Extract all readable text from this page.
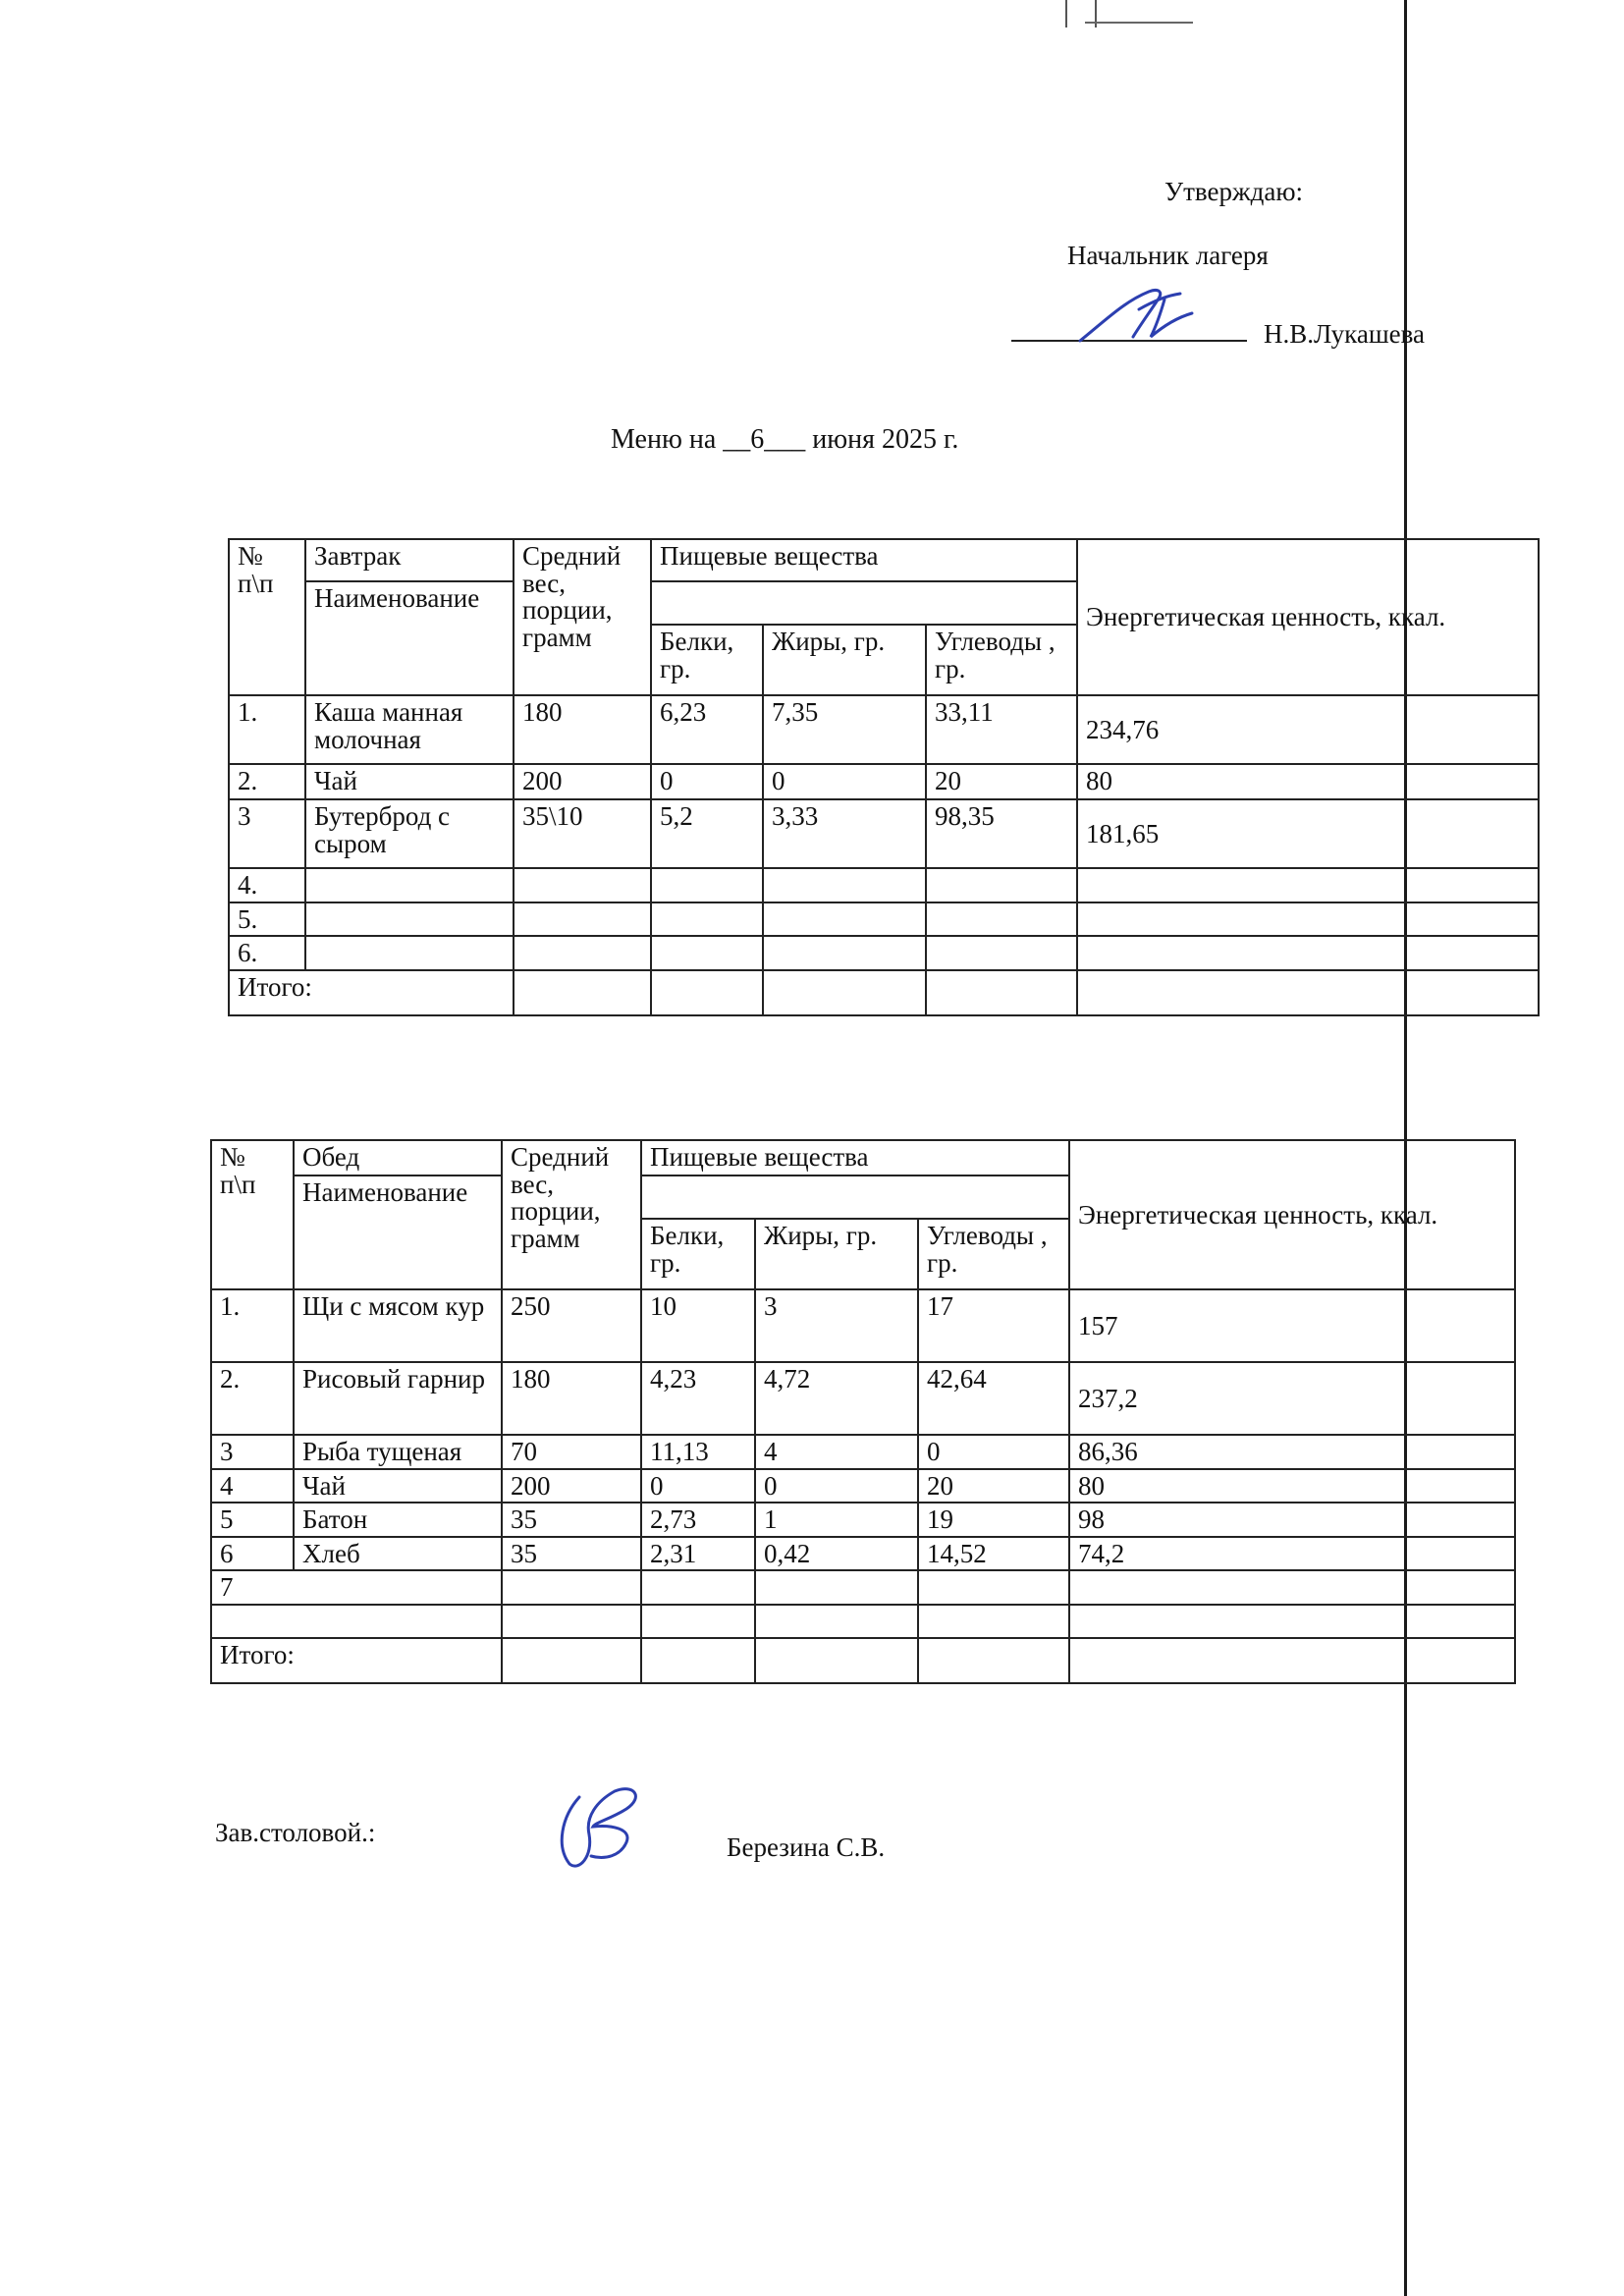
Утверждаю:
Начальник лагеря
Н.В.Лукашева
Меню на __6___ июня 2025 г.
№ п\п	Завтрак	Средний вес, порции, грамм	Пищевые вещества			Энергетическая ценность, ккал.
	Наименование					
			Белки, гр.	Жиры, гр.	Углеводы , гр.	
1.	Каша манная молочная	180	6,23	7,35	33,11	234,76
2.	Чай	200	0	0	20	80
3	Бутерброд с сыром	35\10	5,2	3,33	98,35	181,65
4.						
5.						
6.						
Итого:						
№ п\п	Обед	Средний вес, порции, грамм	Пищевые вещества			Энергетическая ценность, ккал.
	Наименование					
			Белки, гр.	Жиры, гр.	Углеводы , гр.	
1.	Щи с мясом кур	250	10	3	17	157
2.	Рисовый гарнир	180	4,23	4,72	42,64	237,2
3	Рыба тущеная	70	11,13	4	0	86,36
4	Чай	200	0	0	20	80
5	Батон	35	2,73	1	19	98
6	Хлеб	35	2,31	0,42	14,52	74,2
7						

Итого:						
Зав.столовой.:	Березина С.В.
